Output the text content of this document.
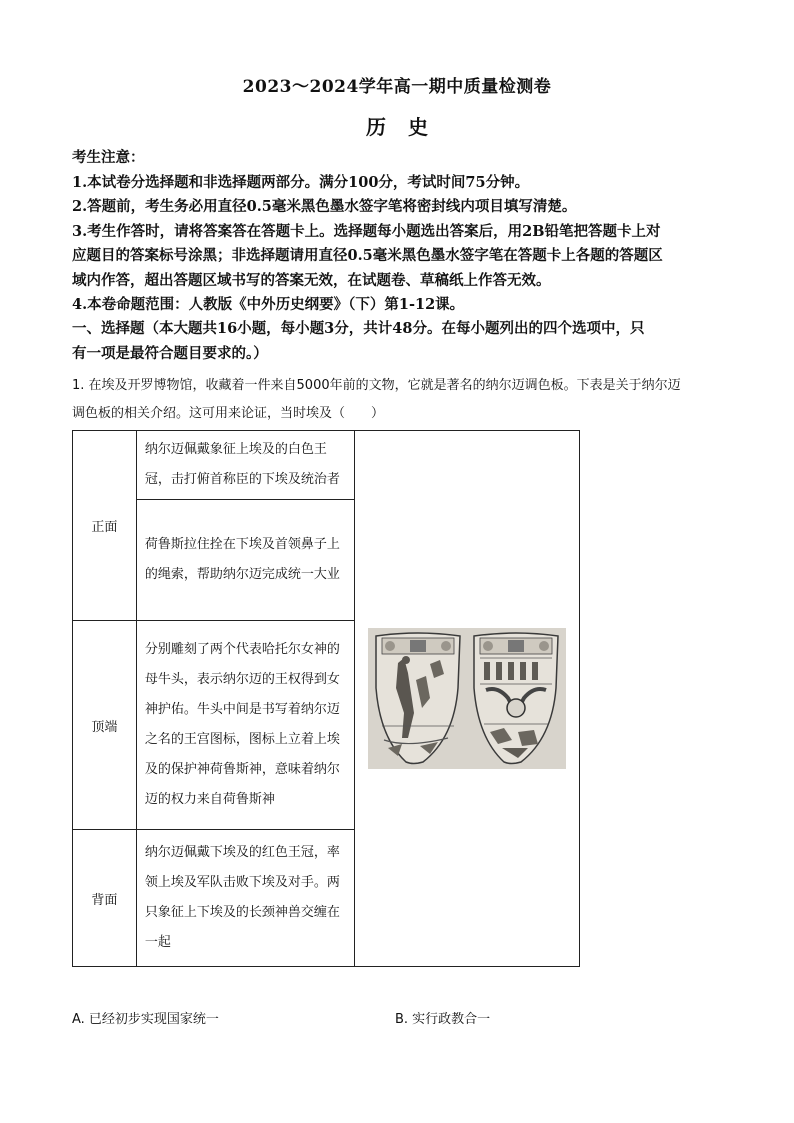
2023～2024学年高一期中质量检测卷
历史
考生注意：
1.本试卷分选择题和非选择题两部分。满分100分，考试时间75分钟。
2.答题前，考生务必用直径0.5毫米黑色墨水签字笔将密封线内项目填写清楚。
3.考生作答时，请将答案答在答题卡上。选择题每小题选出答案后，用2B铅笔把答题卡上对
应题目的答案标号涂黑；非选择题请用直径0.5毫米黑色墨水签字笔在答题卡上各题的答题区
域内作答，超出答题区域书写的答案无效，在试题卷、草稿纸上作答无效。
4.本卷命题范围：人教版《中外历史纲要》（下）第1-12课。
一、选择题（本大题共16小题，每小题3分，共计48分。在每小题列出的四个选项中，只
有一项是最符合题目要求的。）
1. 在埃及开罗博物馆，收藏着一件来自5000年前的文物，它就是著名的纳尔迈调色板。下表是关于纳尔迈
调色板的相关介绍。这可用来论证，当时埃及（　　）
正面	纳尔迈佩戴象征上埃及的白色王冠，击打俯首称臣的下埃及统治者	

	荷鲁斯拉住拴在下埃及首领鼻子上的绳索，帮助纳尔迈完成统一大业	
顶端	分别雕刻了两个代表哈托尔女神的母牛头，表示纳尔迈的王权得到女神护佑。牛头中间是书写着纳尔迈之名的王宫图标，图标上立着上埃及的保护神荷鲁斯神，意味着纳尔迈的权力来自荷鲁斯神	
背面	纳尔迈佩戴下埃及的红色王冠，率领上埃及军队击败下埃及对手。两只象征上下埃及的长颈神兽交缠在一起	
A. 已经初步实现国家统一	B. 实行政教合一
